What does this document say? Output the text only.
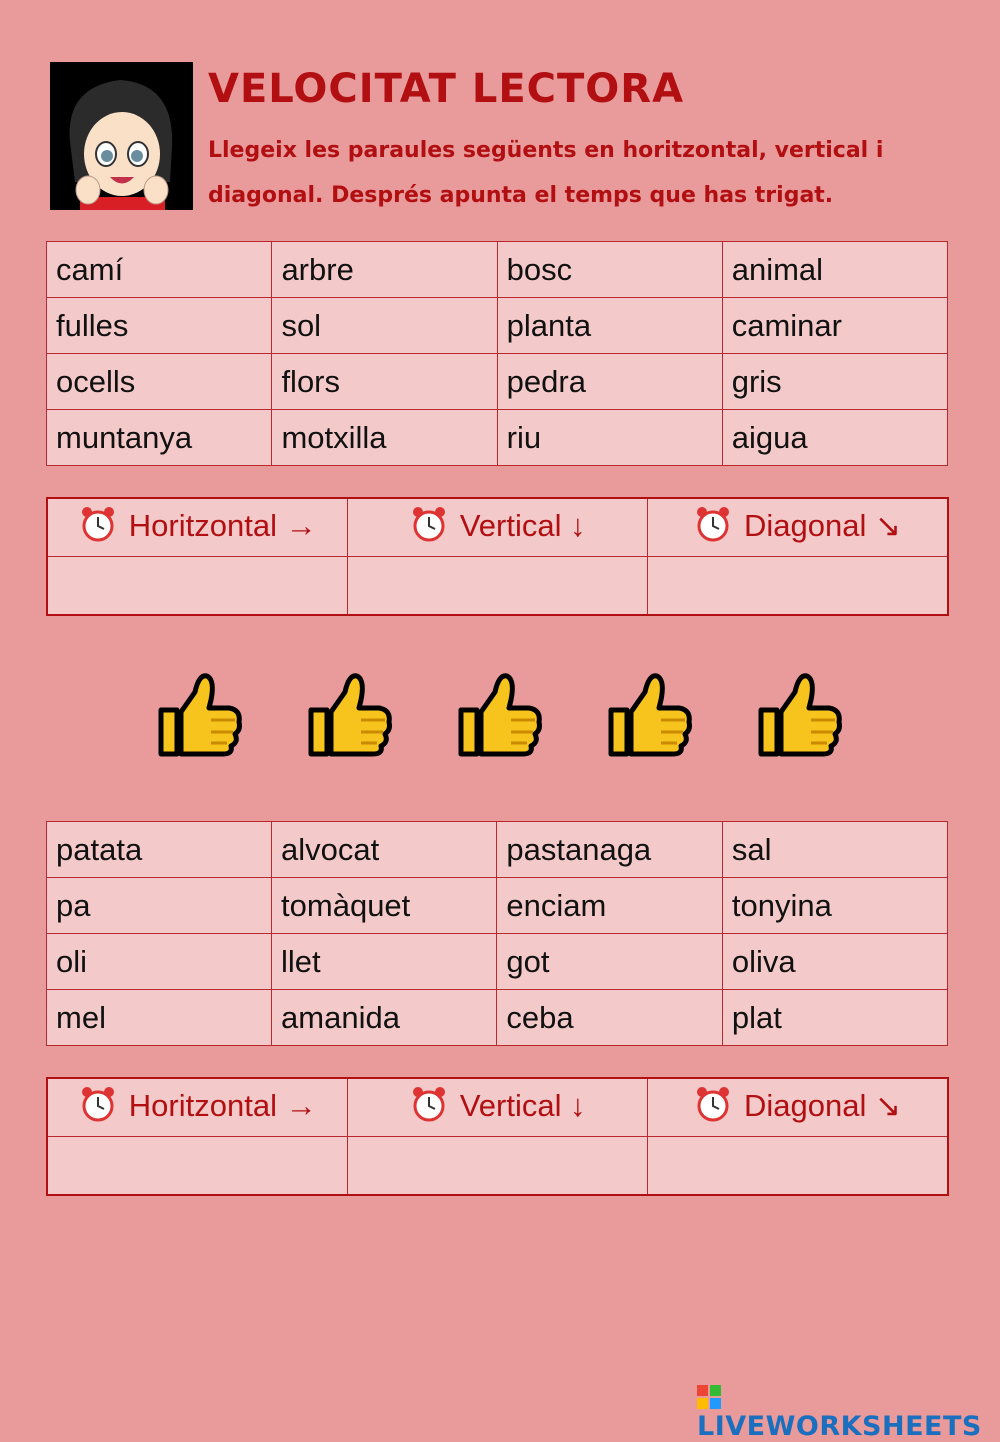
VELOCITAT LECTORA

Llegeix les paraules següents en horitzontal, vertical i diagonal. Després apunta el temps que has trigat.

camí	arbre	bosc	animal
fulles	sol	planta	caminar
ocells	flors	pedra	gris
muntanya	motxilla	riu	aigua
Horitzontal →	Vertical ↓	Diagonal ↘

patata	alvocat	pastanaga	sal
pa	tomàquet	enciam	tonyina
oli	llet	got	oliva
mel	amanida	ceba	plat
Horitzontal →	Vertical ↓	Diagonal ↘

LIVEWORKSHEETS
